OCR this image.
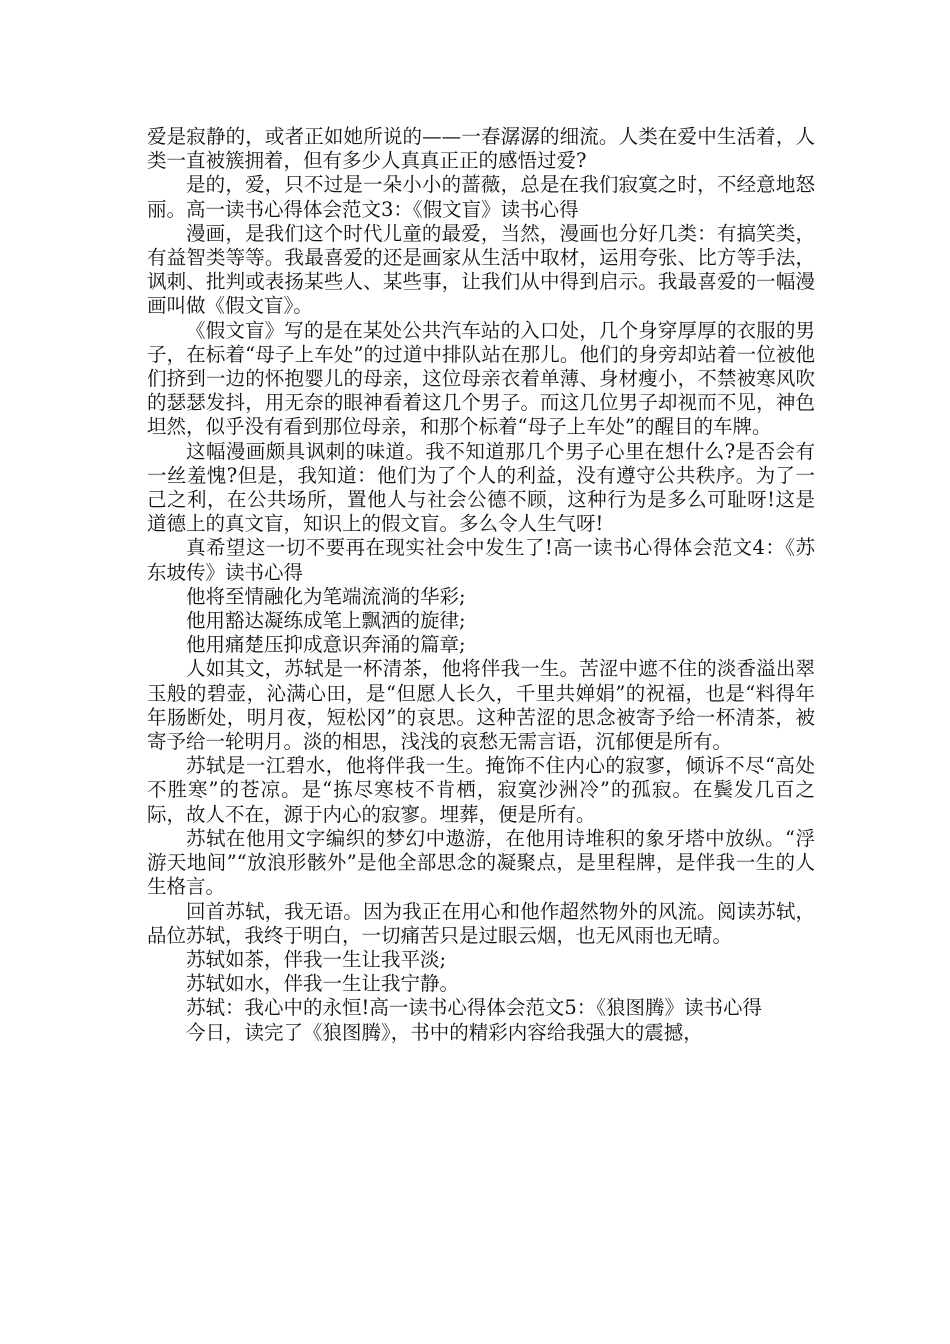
爱是寂静的，或者正如她所说的——一春潺潺的细流。人类在爱中生活着，人类一直被簇拥着，但有多少人真真正正的感悟过爱?

是的，爱，只不过是一朵小小的蔷薇，总是在我们寂寞之时，不经意地怒丽。高一读书心得体会范文3：《假文盲》读书心得

漫画，是我们这个时代儿童的最爱，当然，漫画也分好几类：有搞笑类，有益智类等等。我最喜爱的还是画家从生活中取材，运用夸张、比方等手法，讽刺、批判或表扬某些人、某些事，让我们从中得到启示。我最喜爱的一幅漫画叫做《假文盲》。

《假文盲》写的是在某处公共汽车站的入口处，几个身穿厚厚的衣服的男子，在标着“母子上车处”的过道中排队站在那儿。他们的身旁却站着一位被他们挤到一边的怀抱婴儿的母亲，这位母亲衣着单薄、身材瘦小，不禁被寒风吹的瑟瑟发抖，用无奈的眼神看着这几个男子。而这几位男子却视而不见，神色坦然，似乎没有看到那位母亲，和那个标着“母子上车处”的醒目的车牌。

这幅漫画颇具讽刺的味道。我不知道那几个男子心里在想什么?是否会有一丝羞愧?但是，我知道：他们为了个人的利益，没有遵守公共秩序。为了一己之利，在公共场所，置他人与社会公德不顾，这种行为是多么可耻呀!这是道德上的真文盲，知识上的假文盲。多么令人生气呀!

真希望这一切不要再在现实社会中发生了!高一读书心得体会范文4：《苏东坡传》读书心得

他将至情融化为笔端流淌的华彩;

他用豁达凝练成笔上飘洒的旋律;

他用痛楚压抑成意识奔涌的篇章;

人如其文，苏轼是一杯清茶，他将伴我一生。苦涩中遮不住的淡香溢出翠玉般的碧壶，沁满心田，是“但愿人长久，千里共婵娟”的祝福，也是“料得年年肠断处，明月夜，短松冈”的哀思。这种苦涩的思念被寄予给一杯清茶，被寄予给一轮明月。淡的相思，浅浅的哀愁无需言语，沉郁便是所有。

苏轼是一江碧水，他将伴我一生。掩饰不住内心的寂寥，倾诉不尽“高处不胜寒”的苍凉。是“拣尽寒枝不肯栖，寂寞沙洲冷”的孤寂。在鬓发几百之际，故人不在，源于内心的寂寥。埋葬，便是所有。

苏轼在他用文字编织的梦幻中遨游，在他用诗堆积的象牙塔中放纵。“浮游天地间”“放浪形骸外”是他全部思念的凝聚点，是里程牌，是伴我一生的人生格言。

回首苏轼，我无语。因为我正在用心和他作超然物外的风流。阅读苏轼，品位苏轼，我终于明白，一切痛苦只是过眼云烟，也无风雨也无晴。

苏轼如茶，伴我一生让我平淡;

苏轼如水，伴我一生让我宁静。

苏轼：我心中的永恒!高一读书心得体会范文5：《狼图腾》读书心得

今日，读完了《狼图腾》，书中的精彩内容给我强大的震撼，
